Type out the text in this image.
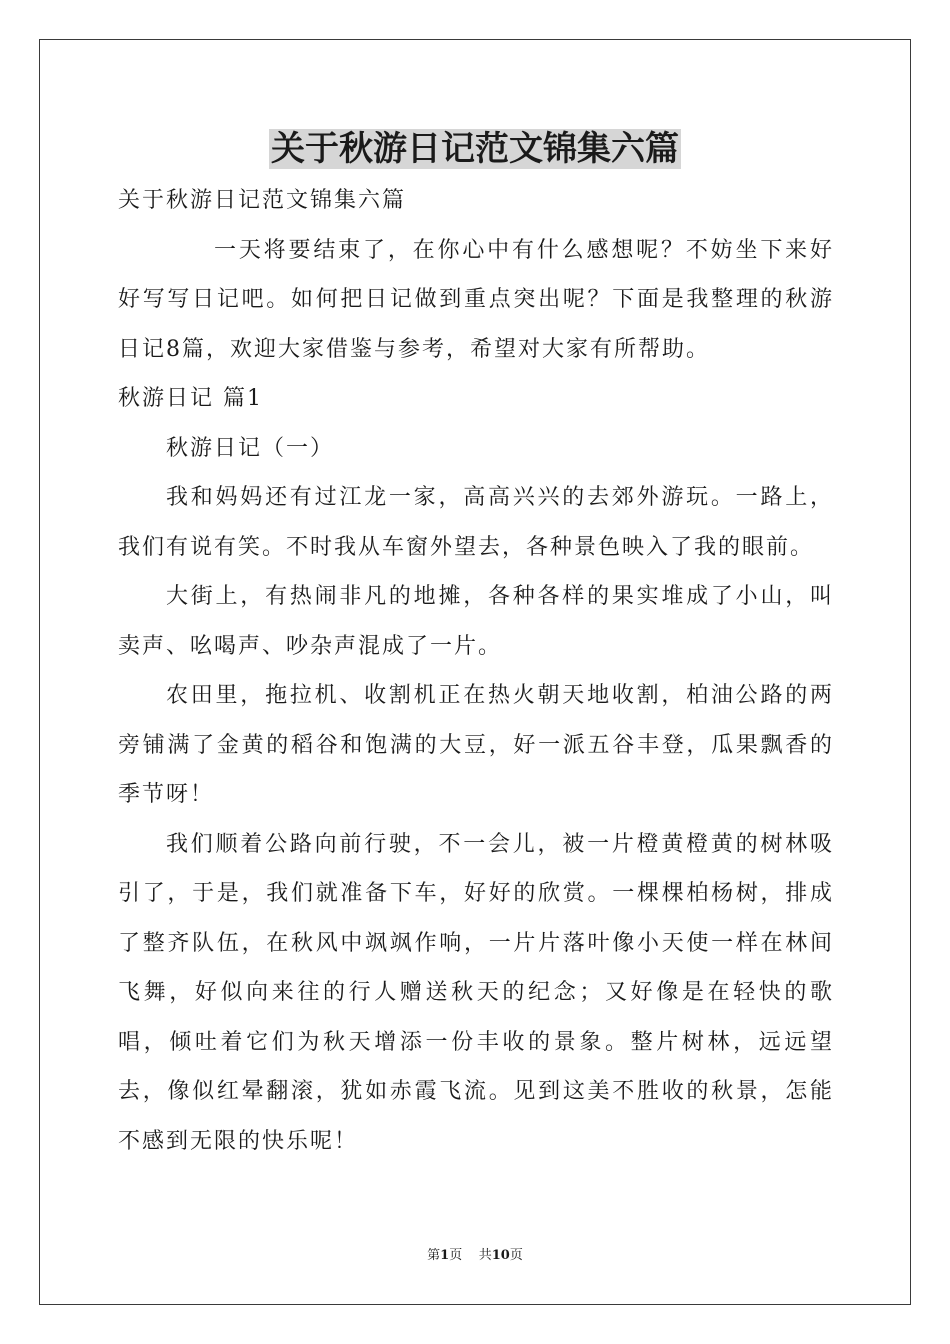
关于秋游日记范文锦集六篇

关于秋游日记范文锦集六篇

一天将要结束了，在你心中有什么感想呢？不妨坐下来好好写写日记吧。如何把日记做到重点突出呢？下面是我整理的秋游日记8篇，欢迎大家借鉴与参考，希望对大家有所帮助。

秋游日记 篇1

秋游日记（一）

我和妈妈还有过江龙一家，高高兴兴的去郊外游玩。一路上，我们有说有笑。不时我从车窗外望去，各种景色映入了我的眼前。

大街上，有热闹非凡的地摊，各种各样的果实堆成了小山，叫卖声、吆喝声、吵杂声混成了一片。

农田里，拖拉机、收割机正在热火朝天地收割，柏油公路的两旁铺满了金黄的稻谷和饱满的大豆，好一派五谷丰登，瓜果飘香的季节呀！

我们顺着公路向前行驶，不一会儿，被一片橙黄橙黄的树林吸引了，于是，我们就准备下车，好好的欣赏。一棵棵柏杨树，排成了整齐队伍，在秋风中飒飒作响，一片片落叶像小天使一样在林间飞舞，好似向来往的行人赠送秋天的纪念；又好像是在轻快的歌唱，倾吐着它们为秋天增添一份丰收的景象。整片树林，远远望去，像似红晕翻滚，犹如赤霞飞流。见到这美不胜收的秋景，怎能不感到无限的快乐呢！

第1页 共10页
